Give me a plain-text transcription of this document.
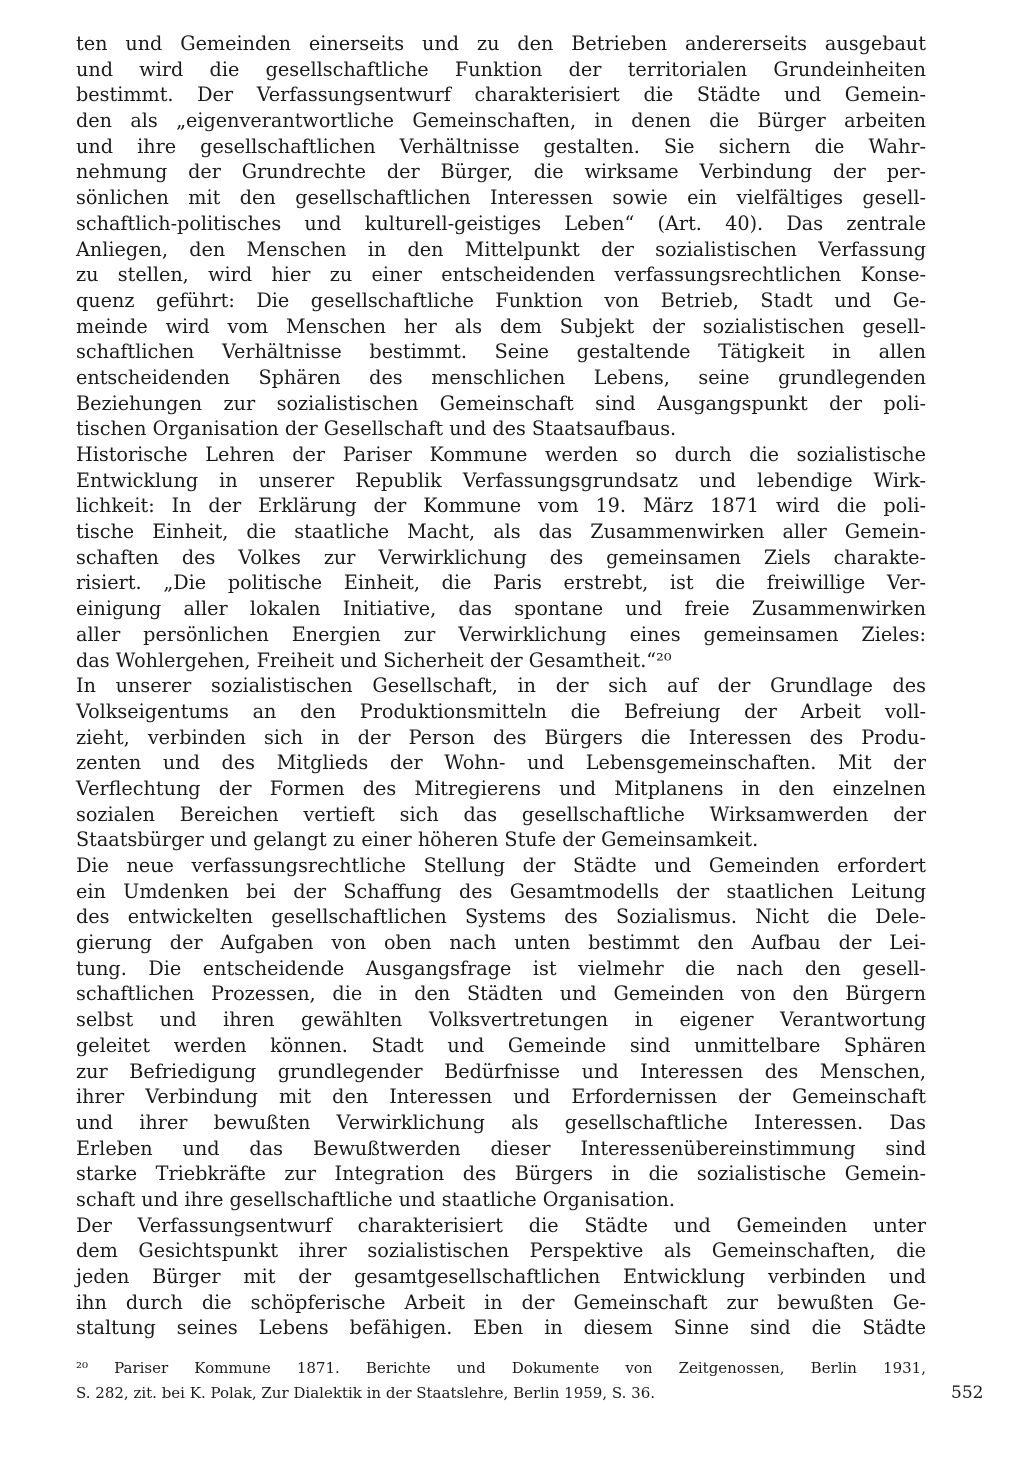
ten und Gemeinden einerseits und zu den Betrieben andererseits ausgebaut
und wird die gesellschaftliche Funktion der territorialen Grundeinheiten
bestimmt. Der Verfassungsentwurf charakterisiert die Städte und Gemein-
den als „eigenverantwortliche Gemeinschaften, in denen die Bürger arbeiten
und ihre gesellschaftlichen Verhältnisse gestalten. Sie sichern die Wahr-
nehmung der Grundrechte der Bürger, die wirksame Verbindung der per-
sönlichen mit den gesellschaftlichen Interessen sowie ein vielfältiges gesell-
schaftlich-politisches und kulturell-geistiges Leben“ (Art. 40). Das zentrale
Anliegen, den Menschen in den Mittelpunkt der sozialistischen Verfassung
zu stellen, wird hier zu einer entscheidenden verfassungsrechtlichen Konse-
quenz geführt: Die gesellschaftliche Funktion von Betrieb, Stadt und Ge-
meinde wird vom Menschen her als dem Subjekt der sozialistischen gesell-
schaftlichen Verhältnisse bestimmt. Seine gestaltende Tätigkeit in allen
entscheidenden Sphären des menschlichen Lebens, seine grundlegenden
Beziehungen zur sozialistischen Gemeinschaft sind Ausgangspunkt der poli-
tischen Organisation der Gesellschaft und des Staatsaufbaus.
Historische Lehren der Pariser Kommune werden so durch die sozialistische
Entwicklung in unserer Republik Verfassungsgrundsatz und lebendige Wirk-
lichkeit: In der Erklärung der Kommune vom 19. März 1871 wird die poli-
tische Einheit, die staatliche Macht, als das Zusammenwirken aller Gemein-
schaften des Volkes zur Verwirklichung des gemeinsamen Ziels charakte-
risiert. „Die politische Einheit, die Paris erstrebt, ist die freiwillige Ver-
einigung aller lokalen Initiative, das spontane und freie Zusammenwirken
aller persönlichen Energien zur Verwirklichung eines gemeinsamen Zieles:
das Wohlergehen, Freiheit und Sicherheit der Gesamtheit.“²⁰
In unserer sozialistischen Gesellschaft, in der sich auf der Grundlage des
Volkseigentums an den Produktionsmitteln die Befreiung der Arbeit voll-
zieht, verbinden sich in der Person des Bürgers die Interessen des Produ-
zenten und des Mitglieds der Wohn- und Lebensgemeinschaften. Mit der
Verflechtung der Formen des Mitregierens und Mitplanens in den einzelnen
sozialen Bereichen vertieft sich das gesellschaftliche Wirksamwerden der
Staatsbürger und gelangt zu einer höheren Stufe der Gemeinsamkeit.
Die neue verfassungsrechtliche Stellung der Städte und Gemeinden erfordert
ein Umdenken bei der Schaffung des Gesamtmodells der staatlichen Leitung
des entwickelten gesellschaftlichen Systems des Sozialismus. Nicht die Dele-
gierung der Aufgaben von oben nach unten bestimmt den Aufbau der Lei-
tung. Die entscheidende Ausgangsfrage ist vielmehr die nach den gesell-
schaftlichen Prozessen, die in den Städten und Gemeinden von den Bürgern
selbst und ihren gewählten Volksvertretungen in eigener Verantwortung
geleitet werden können. Stadt und Gemeinde sind unmittelbare Sphären
zur Befriedigung grundlegender Bedürfnisse und Interessen des Menschen,
ihrer Verbindung mit den Interessen und Erfordernissen der Gemeinschaft
und ihrer bewußten Verwirklichung als gesellschaftliche Interessen. Das
Erleben und das Bewußtwerden dieser Interessenübereinstimmung sind
starke Triebkräfte zur Integration des Bürgers in die sozialistische Gemein-
schaft und ihre gesellschaftliche und staatliche Organisation.
Der Verfassungsentwurf charakterisiert die Städte und Gemeinden unter
dem Gesichtspunkt ihrer sozialistischen Perspektive als Gemeinschaften, die
jeden Bürger mit der gesamtgesellschaftlichen Entwicklung verbinden und
ihn durch die schöpferische Arbeit in der Gemeinschaft zur bewußten Ge-
staltung seines Lebens befähigen. Eben in diesem Sinne sind die Städte
²⁰ Pariser Kommune 1871. Berichte und Dokumente von Zeitgenossen, Berlin 1931,
S. 282, zit. bei K. Polak, Zur Dialektik in der Staatslehre, Berlin 1959, S. 36.	552
